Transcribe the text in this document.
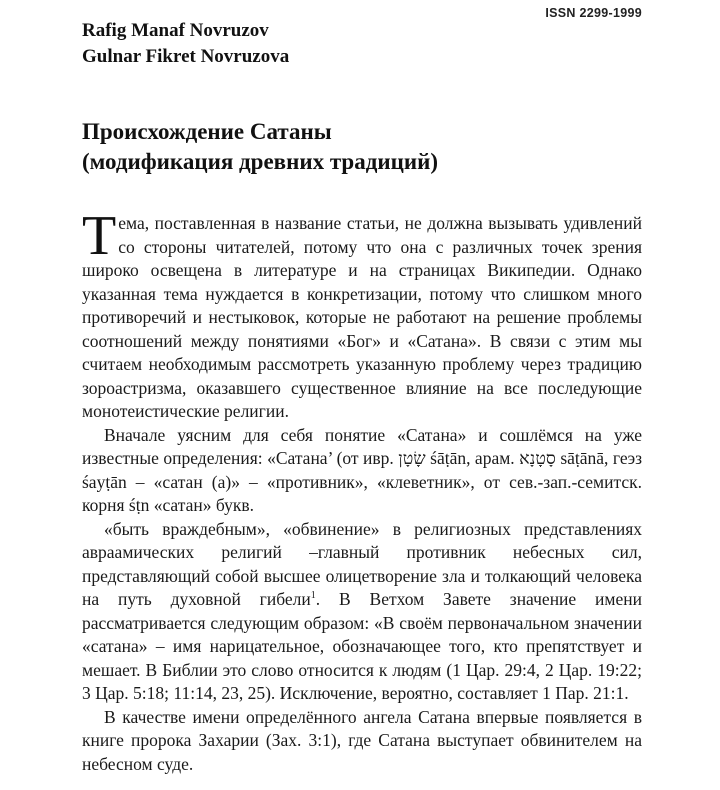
ISSN 2299-1999
Rafig Manaf Novruzov
Gulnar Fikret Novruzova
Происхождение Сатаны
(модификация древних традиций)

Тема, поставленная в название статьи, не должна вызывать удивлений со стороны читателей, потому что она с различных точек зрения широко освещена в литературе и на страницах Википедии. Однако указанная тема нуждается в конкретизации, потому что слишком много противоречий и нестыковок, которые не работают на решение проблемы соотношений между понятиями «Бог» и «Сатана». В связи с этим мы считаем необходимым рассмотреть указанную проблему через традицию зороастризма, оказавшего существенное влияние на все последующие монотеистические религии.

Вначале уясним для себя понятие «Сатана» и сошлёмся на уже известные определения: «Сатана’ (от ивр. שָׂטָן śāṭān, арам. סָטָנָא sāṭānā, геэз śayṭān – «сатан (а)» – «противник», «клеветник», от сев.-зап.-семитск. корня śṭn «сатан» букв.

«быть враждебным», «обвинение» в религиозных представлениях авраамических религий –главный противник небесных сил, представляющий собой высшее олицетворение зла и толкающий человека на путь духовной гибели$^1$. В Ветхом Завете значение имени рассматривается следующим образом: «В своём первоначальном значении «сатана» – имя нарицательное, обозначающее того, кто препятствует и мешает. В Библии это слово относится к людям (1 Цар. 29:4, 2 Цар. 19:22; 3 Цар. 5:18; 11:14, 23, 25). Исключение, вероятно, составляет 1 Пар. 21:1.

В качестве имени определённого ангела Сатана впервые появляется в книге пророка Захарии (Зах. 3:1), где Сатана выступает обвинителем на небесном суде.
